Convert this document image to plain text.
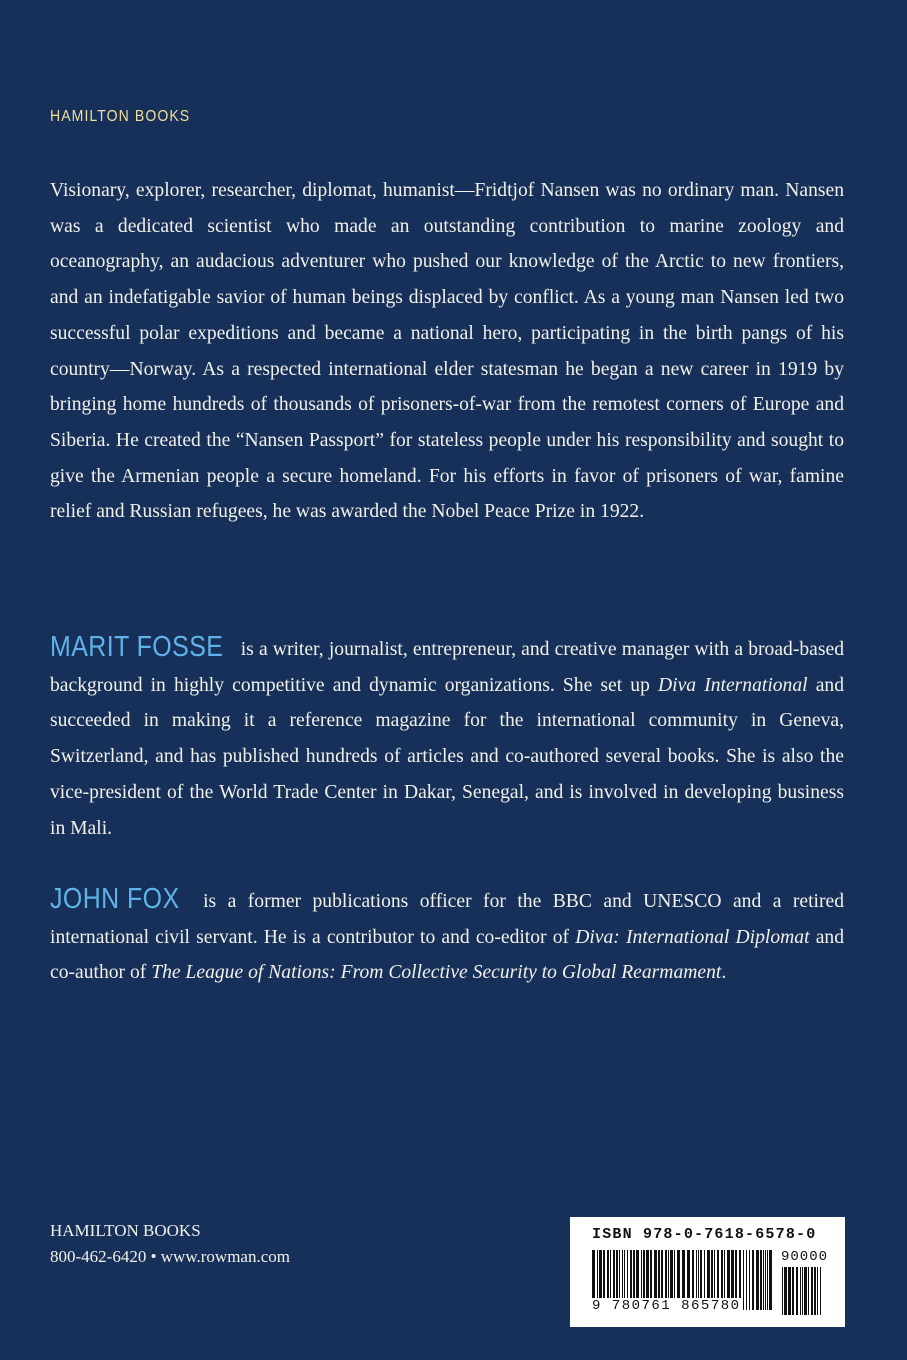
HAMILTON BOOKS

Visionary, explorer, researcher, diplomat, humanist—Fridtjof Nansen was no ordinary man. Nansen was a dedicated scientist who made an outstanding contribution to marine zoology and oceanography, an audacious adventurer who pushed our knowledge of the Arctic to new frontiers, and an indefatigable savior of human beings displaced by conflict. As a young man Nansen led two successful polar expeditions and became a national hero, participating in the birth pangs of his country—Norway. As a respected international elder statesman he began a new career in 1919 by bringing home hundreds of thousands of prisoners-of-war from the remotest corners of Europe and Siberia. He created the “Nansen Passport” for stateless people under his responsibility and sought to give the Armenian people a secure homeland. For his efforts in favor of prisoners of war, famine relief and Russian refugees, he was awarded the Nobel Peace Prize in 1922.

MARIT FOSSE is a writer, journalist, entrepreneur, and creative manager with a broad-based background in highly competitive and dynamic organizations. She set up Diva International and succeeded in making it a reference magazine for the international community in Geneva, Switzerland, and has published hundreds of articles and co-authored several books. She is also the vice-president of the World Trade Center in Dakar, Senegal, and is involved in developing business in Mali.

JOHN FOX is a former publications officer for the BBC and UNESCO and a retired international civil servant. He is a contributor to and co-editor of Diva: International Diplomat and co-author of The League of Nations: From Collective Security to Global Rearmament.

HAMILTON BOOKS
800-462-6420 • www.rowman.com
ISBN 978-0-7618-6578-0
90000
9 780761 865780
